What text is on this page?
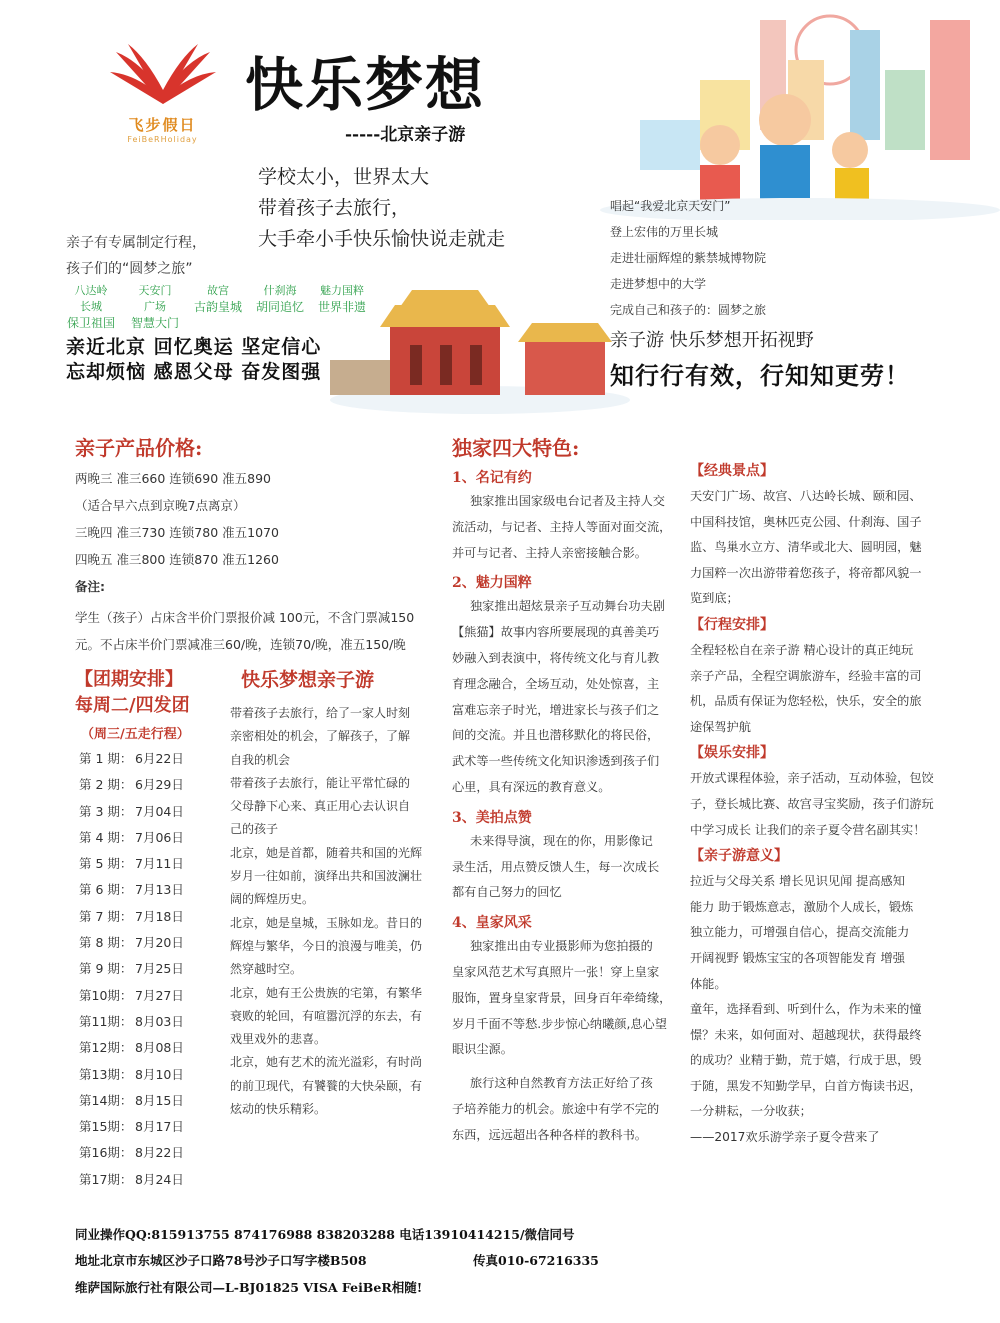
飞步假日
FeiBeRHoliday
快乐梦想
-----北京亲子游
学校太小，世界太大
带着孩子去旅行，
大手牵小手快乐愉快说走就走
亲子有专属制定行程，
孩子们的“圆梦之旅”
八达岭
长城
保卫祖国
天安门
广场
智慧大门
故宫
古韵皇城
什刹海
胡同追忆
魅力国粹
世界非遗
亲近北京 回忆奥运 坚定信心
忘却烦恼 感恩父母 奋发图强
唱起“我爱北京天安门”
登上宏伟的万里长城
走进壮丽辉煌的紫禁城博物院
走进梦想中的大学
完成自己和孩子的：圆梦之旅
亲子游 快乐梦想开拓视野
知行行有效，行知知更劳！
亲子产品价格:
两晚三 准三660 连锁690 准五890
（适合早六点到京晚7点离京）
三晚四 准三730 连锁780 准五1070
四晚五 准三800 连锁870 准五1260
备注:
学生（孩子）占床含半价门票报价减 100元，不含门票减150
元。不占床半价门票减准三60/晚，连锁70/晚，准五150/晚
【团期安排】
每周二/四发团
（周三/五走行程）
第 1 期： 6月22日
第 2 期： 6月29日
第 3 期： 7月04日
第 4 期： 7月06日
第 5 期： 7月11日
第 6 期： 7月13日
第 7 期： 7月18日
第 8 期： 7月20日
第 9 期： 7月25日
第10期： 7月27日
第11期： 8月03日
第12期： 8月08日
第13期： 8月10日
第14期： 8月15日
第15期： 8月17日
第16期： 8月22日
第17期： 8月24日
快乐梦想亲子游
带着孩子去旅行，给了一家人时刻
亲密相处的机会，了解孩子，了解
自我的机会
带着孩子去旅行，能让平常忙碌的
父母静下心来、真正用心去认识自
己的孩子
北京，她是首都，随着共和国的光辉
岁月一往如前，演绎出共和国波澜壮
阔的辉煌历史。
北京，她是皇城，玉脉如龙。昔日的
辉煌与繁华，今日的浪漫与唯美，仍
然穿越时空。
北京，她有王公贵族的宅第，有繁华
衰败的轮回，有喧嚣沉浮的东去，有
戏里戏外的悲喜。
北京，她有艺术的流光溢彩，有时尚
的前卫现代，有饕餮的大快朵颐，有
炫动的快乐精彩。
独家四大特色:
1、名记有约
独家推出国家级电台记者及主持人交
流活动，与记者、主持人等面对面交流，
并可与记者、主持人亲密接触合影。
2、魅力国粹
独家推出超炫景亲子互动舞台功夫剧
【熊猫】故事内容所要展现的真善美巧
妙融入到表演中，将传统文化与育儿教
育理念融合，全场互动，处处惊喜，主
富难忘亲子时光，增进家长与孩子们之
间的交流。并且也潜移默化的将民俗，
武术等一些传统文化知识渗透到孩子们
心里，具有深远的教育意义。
3、美拍点赞
未来得导演，现在的你，用影像记
录生活，用点赞反馈人生，每一次成长
都有自己努力的回忆
4、皇家风采
独家推出由专业摄影师为您拍摄的
皇家风范艺术写真照片一张！穿上皇家
服饰，置身皇家背景，回身百年牵绮缘，
岁月千面不等愁.步步惊心纳曦颜,息心望
眼识尘源。
旅行这种自然教育方法正好给了孩
子培养能力的机会。旅途中有学不完的
东西，远远超出各种各样的教科书。
【经典景点】
天安门广场、故宫、八达岭长城、颐和园、
中国科技馆，奥林匹克公园、什刹海、国子
监、鸟巢水立方、清华或北大、圆明园，魅
力国粹一次出游带着您孩子，将帝都风貌一
览到底；
【行程安排】
全程轻松自在亲子游 精心设计的真正纯玩
亲子产品，全程空调旅游车，经验丰富的司
机，品质有保证为您轻松，快乐，安全的旅
途保驾护航
【娱乐安排】
开放式课程体验，亲子活动，互动体验，包饺
子，登长城比赛、故宫寻宝奖励，孩子们游玩
中学习成长 让我们的亲子夏令营名副其实！
【亲子游意义】
拉近与父母关系 增长见识见闻 提高感知
能力 助于锻炼意志，激励个人成长，锻炼
独立能力，可增强自信心，提高交流能力
开阔视野 锻炼宝宝的各项智能发育 增强
体能。
童年，选择看到、听到什么，作为未来的憧
憬？未来，如何面对、超越现状，获得最终
的成功？业精于勤，荒于嬉，行成于思，毁
于随，黑发不知勤学早，白首方悔读书迟，
一分耕耘，一分收获；
——2017欢乐游学亲子夏令营来了
同业操作QQ:815913755 874176988 838203288 电话13910414215/微信同号
地址北京市东城区沙子口路78号沙子口写字楼B508	传真010-67216335
维萨国际旅行社有限公司—L-BJ01825 VISA FeiBeR相随!
